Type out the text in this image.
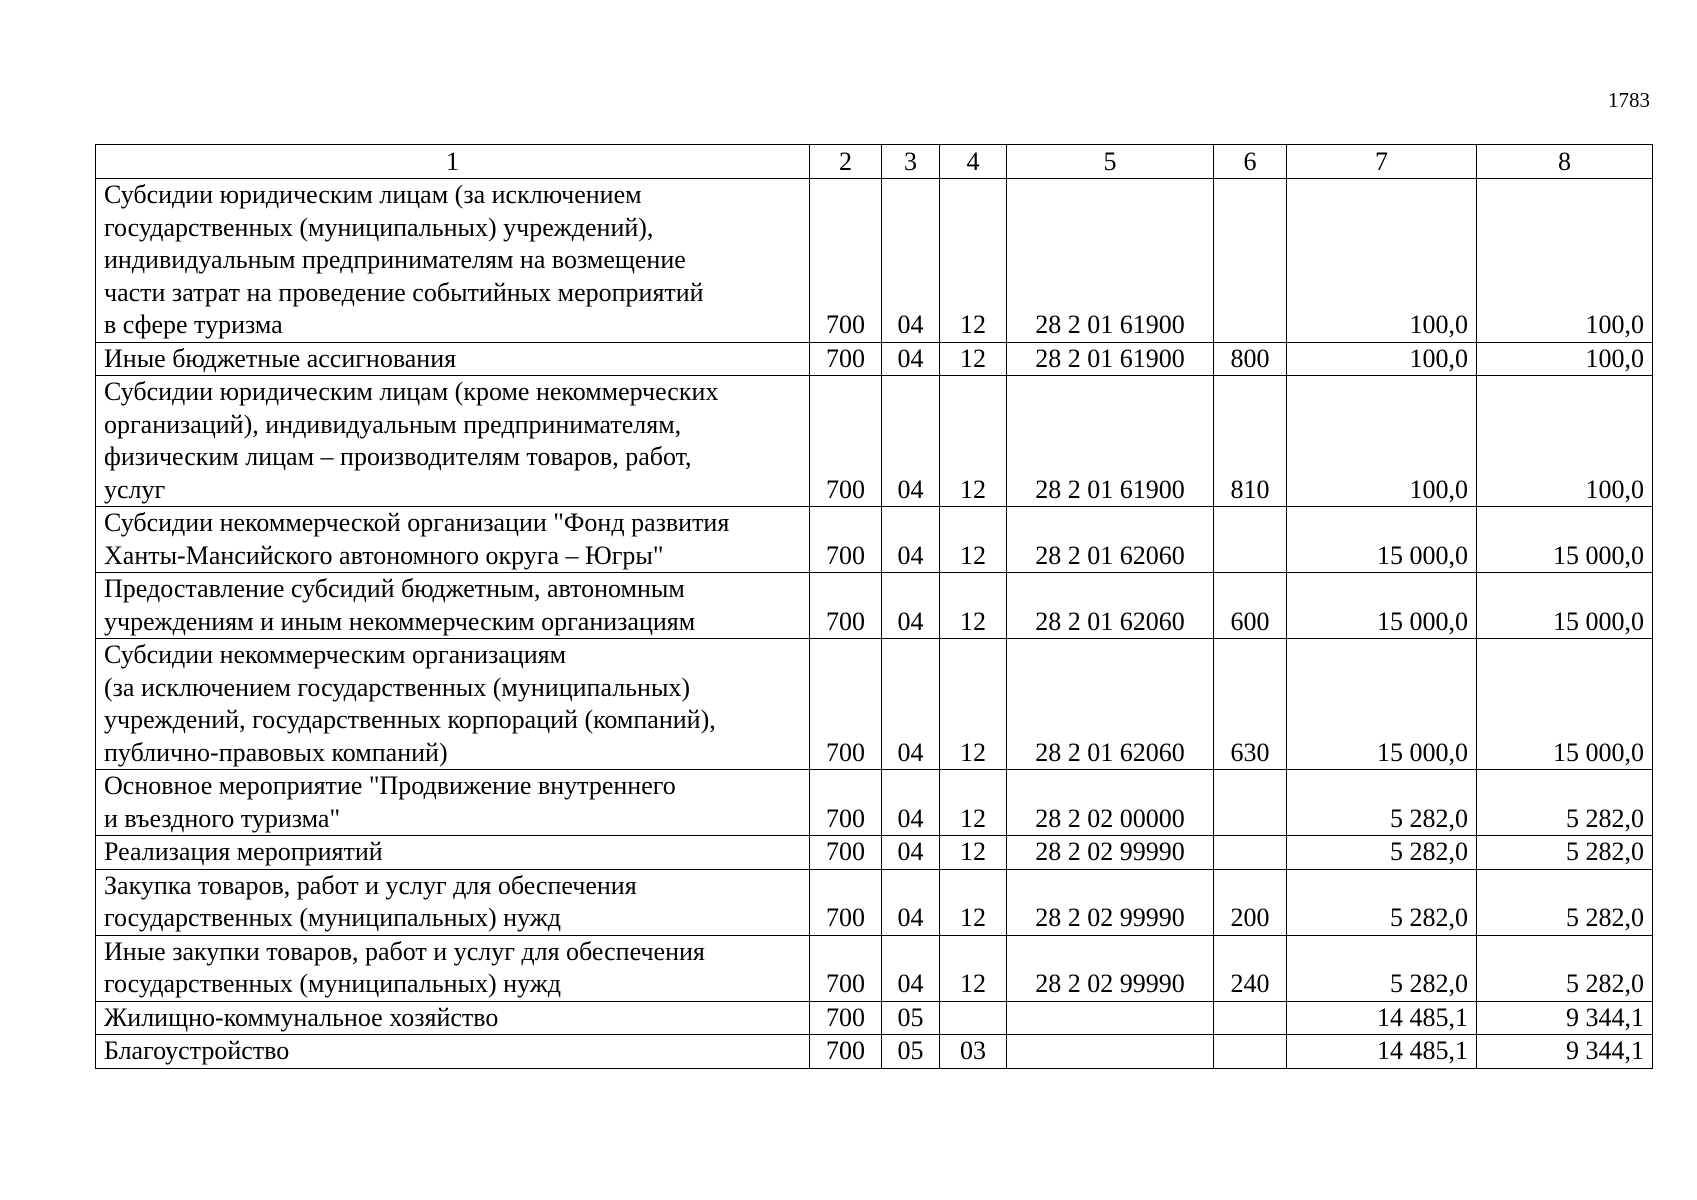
1783
1	2	3	4	5	6	7	8
Субсидии юридическим лицам (за исключением
государственных (муниципальных) учреждений),
индивидуальным предпринимателям на возмещение
части затрат на проведение событийных мероприятий
в сфере туризма	700	04	12	28 2 01 61900		100,0	100,0
Иные бюджетные ассигнования	700	04	12	28 2 01 61900	800	100,0	100,0
Субсидии юридическим лицам (кроме некоммерческих
организаций), индивидуальным предпринимателям,
физическим лицам – производителям товаров, работ,
услуг	700	04	12	28 2 01 61900	810	100,0	100,0
Субсидии некоммерческой организации "Фонд развития
Ханты-Мансийского автономного округа – Югры"	700	04	12	28 2 01 62060		15 000,0	15 000,0
Предоставление субсидий бюджетным, автономным
учреждениям и иным некоммерческим организациям	700	04	12	28 2 01 62060	600	15 000,0	15 000,0
Субсидии некоммерческим организациям
(за исключением государственных (муниципальных)
учреждений, государственных корпораций (компаний),
публично-правовых компаний)	700	04	12	28 2 01 62060	630	15 000,0	15 000,0
Основное мероприятие "Продвижение внутреннего
и въездного туризма"	700	04	12	28 2 02 00000		5 282,0	5 282,0
Реализация мероприятий	700	04	12	28 2 02 99990		5 282,0	5 282,0
Закупка товаров, работ и услуг для обеспечения
государственных (муниципальных) нужд	700	04	12	28 2 02 99990	200	5 282,0	5 282,0
Иные закупки товаров, работ и услуг для обеспечения
государственных (муниципальных) нужд	700	04	12	28 2 02 99990	240	5 282,0	5 282,0
Жилищно-коммунальное хозяйство	700	05				14 485,1	9 344,1
Благоустройство	700	05	03			14 485,1	9 344,1
